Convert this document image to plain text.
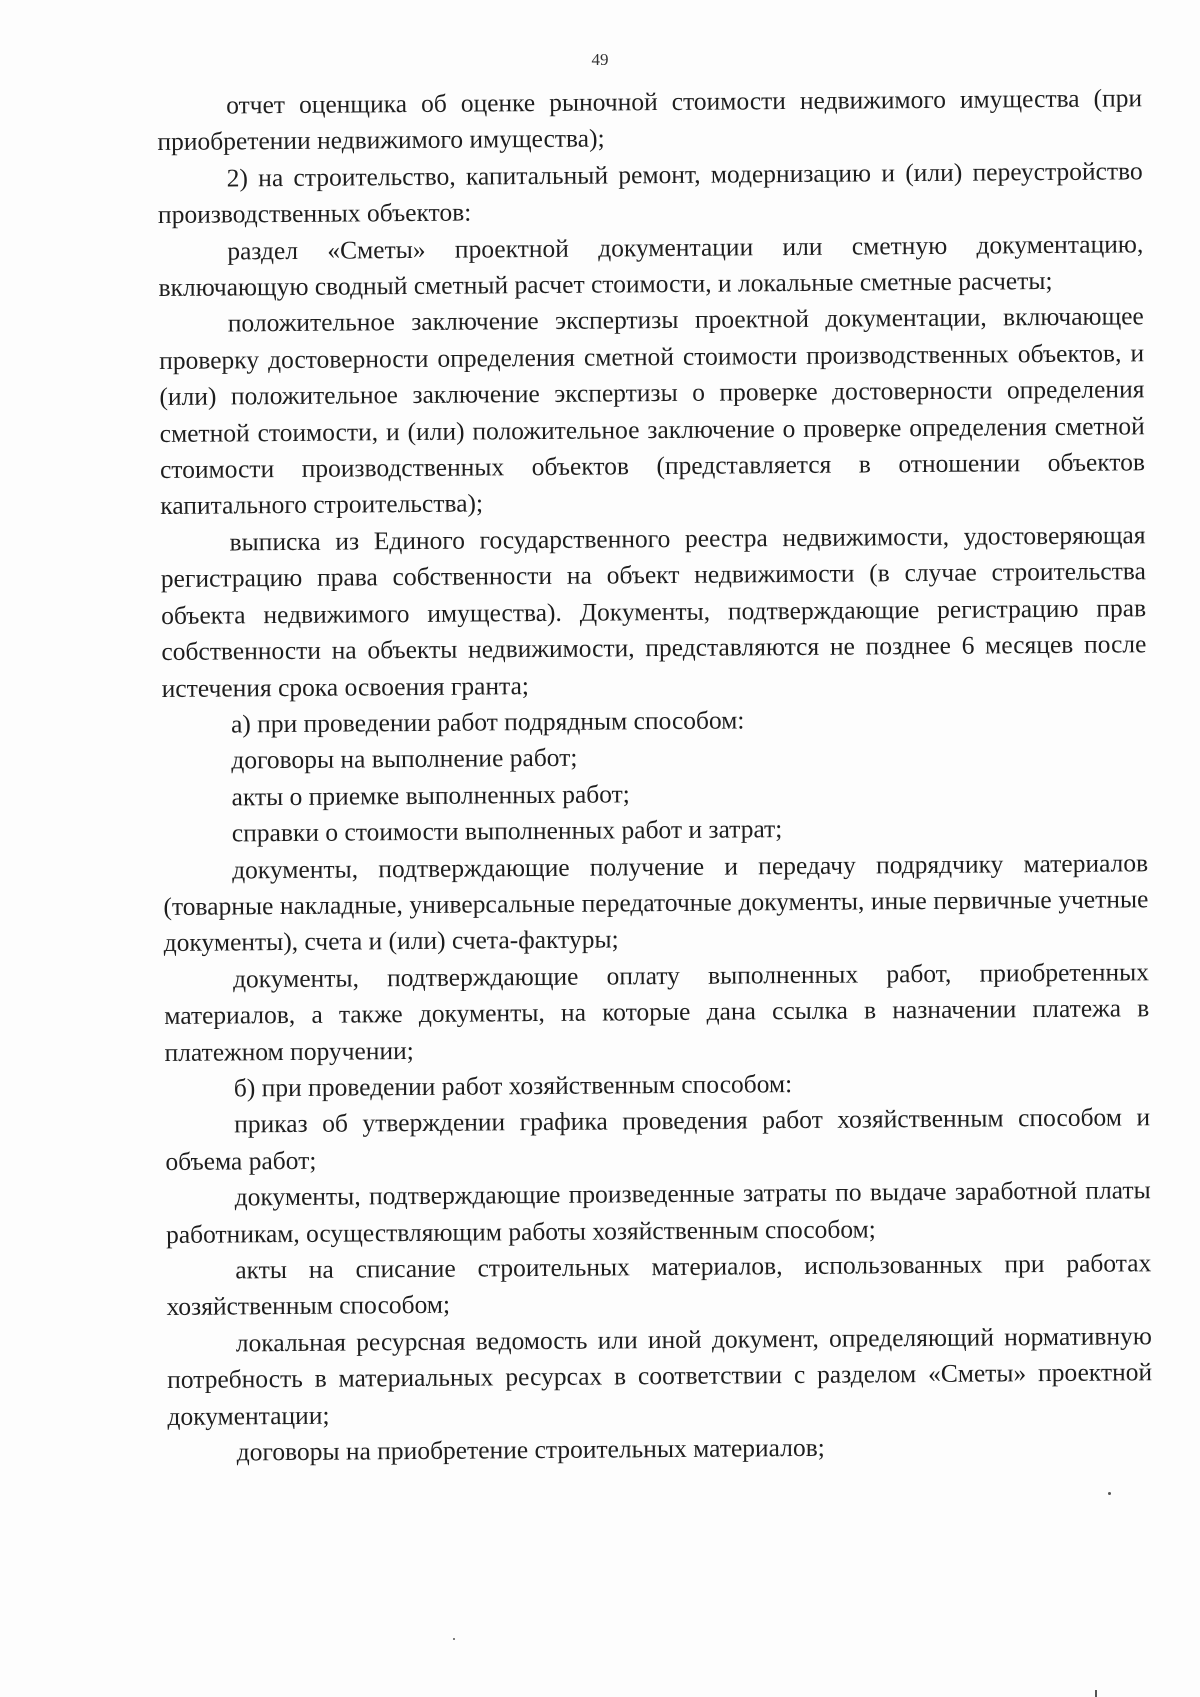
49

отчет оценщика об оценке рыночной стоимости недвижимого имущества (при приобретении недвижимого имущества);

2) на строительство, капитальный ремонт, модернизацию и (или) переустройство производственных объектов:

раздел «Сметы» проектной документации или сметную документацию, включающую сводный сметный расчет стоимости, и локальные сметные расчеты;

положительное заключение экспертизы проектной документации, включающее проверку достоверности определения сметной стоимости производственных объектов, и (или) положительное заключение экспертизы о проверке достоверности определения сметной стоимости, и (или) положительное заключение о проверке определения сметной стоимости производственных объектов (представляется в отношении объектов капитального строительства);

выписка из Единого государственного реестра недвижимости, удостоверяющая регистрацию права собственности на объект недвижимости (в случае строительства объекта недвижимого имущества). Документы, подтверждающие регистрацию прав собственности на объекты недвижимости, представляются не позднее 6 месяцев после истечения срока освоения гранта;

а) при проведении работ подрядным способом:

договоры на выполнение работ;

акты о приемке выполненных работ;

справки о стоимости выполненных работ и затрат;

документы, подтверждающие получение и передачу подрядчику материалов (товарные накладные, универсальные передаточные документы, иные первичные учетные документы), счета и (или) счета-фактуры;

документы, подтверждающие оплату выполненных работ, приобретенных материалов, а также документы, на которые дана ссылка в назначении платежа в платежном поручении;

б) при проведении работ хозяйственным способом:

приказ об утверждении графика проведения работ хозяйственным способом и объема работ;

документы, подтверждающие произведенные затраты по выдаче заработной платы работникам, осуществляющим работы хозяйственным способом;

акты на списание строительных материалов, использованных при работах хозяйственным способом;

локальная ресурсная ведомость или иной документ, определяющий нормативную потребность в материальных ресурсах в соответствии с разделом «Сметы» проектной документации;

договоры на приобретение строительных материалов;
